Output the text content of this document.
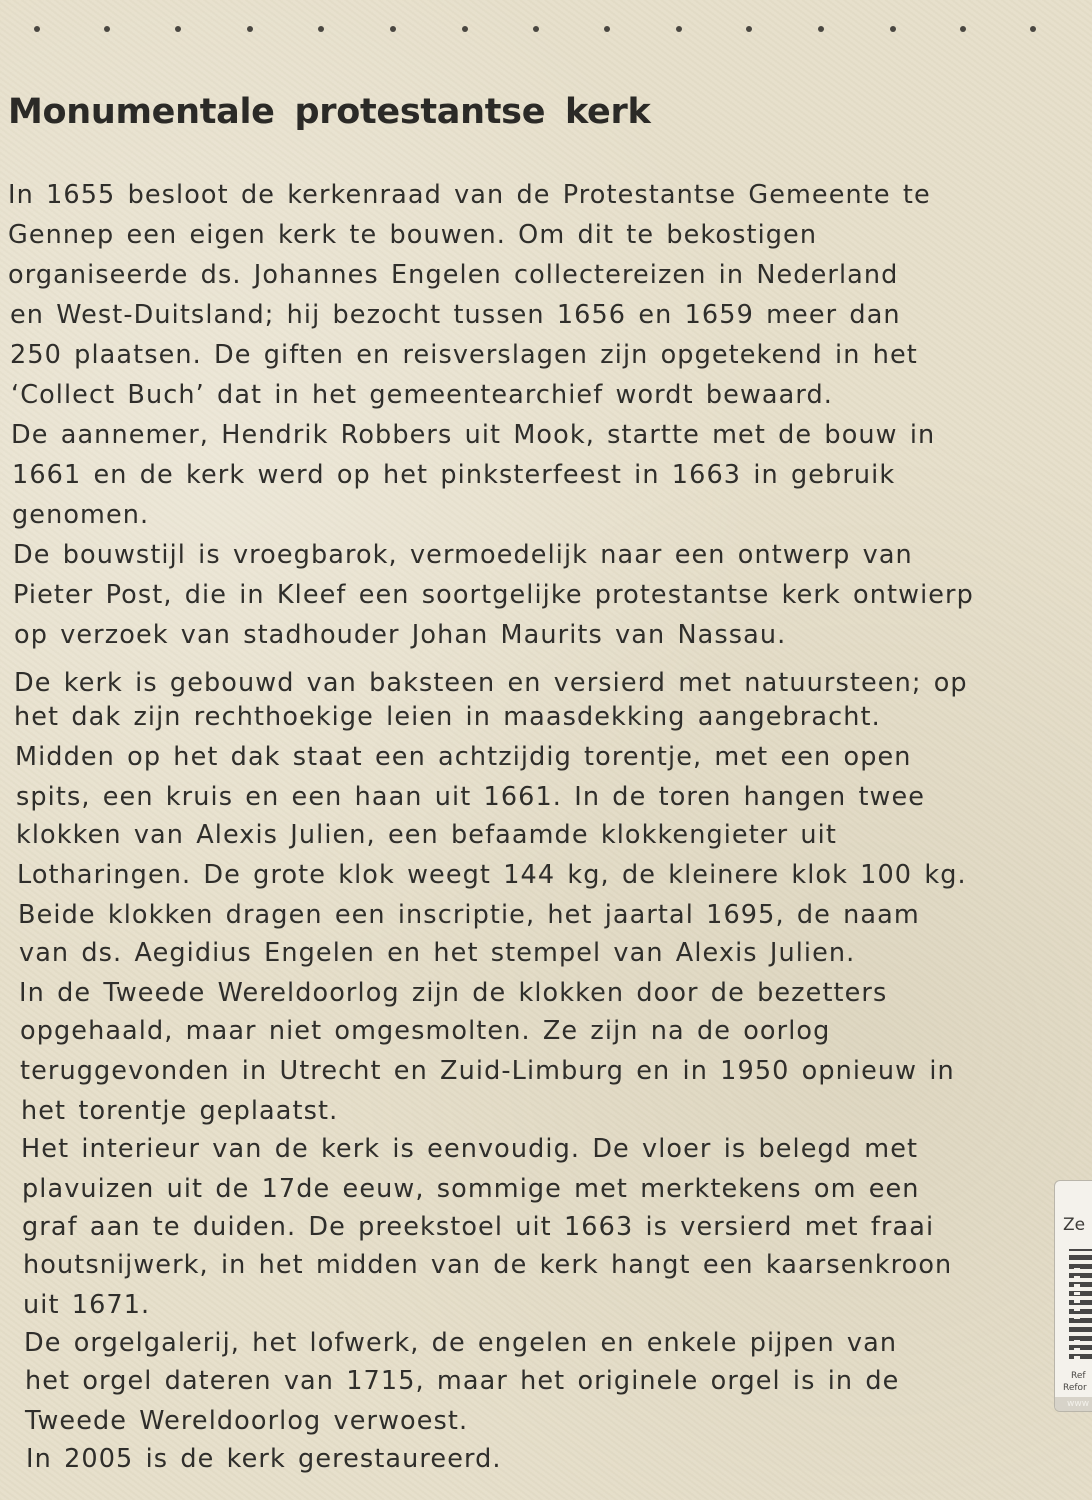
Monumentale protestantse kerk
In 1655 besloot de kerkenraad van de Protestantse Gemeente te
Gennep een eigen kerk te bouwen. Om dit te bekostigen
organiseerde ds. Johannes Engelen collectereizen in Nederland
en West-Duitsland; hij bezocht tussen 1656 en 1659 meer dan
250 plaatsen. De giften en reisverslagen zijn opgetekend in het
‘Collect Buch’ dat in het gemeentearchief wordt bewaard.
De aannemer, Hendrik Robbers uit Mook, startte met de bouw in
1661 en de kerk werd op het pinksterfeest in 1663 in gebruik
genomen.
De bouwstijl is vroegbarok, vermoedelijk naar een ontwerp van
Pieter Post, die in Kleef een soortgelijke protestantse kerk ontwierp
op verzoek van stadhouder Johan Maurits van Nassau.
De kerk is gebouwd van baksteen en versierd met natuursteen; op
het dak zijn rechthoekige leien in maasdekking aangebracht.
Midden op het dak staat een achtzijdig torentje, met een open
spits, een kruis en een haan uit 1661. In de toren hangen twee
klokken van Alexis Julien, een befaamde klokkengieter uit
Lotharingen. De grote klok weegt 144 kg, de kleinere klok 100 kg.
Beide klokken dragen een inscriptie, het jaartal 1695, de naam
van ds. Aegidius Engelen en het stempel van Alexis Julien.
In de Tweede Wereldoorlog zijn de klokken door de bezetters
opgehaald, maar niet omgesmolten. Ze zijn na de oorlog
teruggevonden in Utrecht en Zuid-Limburg en in 1950 opnieuw in
het torentje geplaatst.
Het interieur van de kerk is eenvoudig. De vloer is belegd met
plavuizen uit de 17de eeuw, sommige met merktekens om een
graf aan te duiden. De preekstoel uit 1663 is versierd met fraai
houtsnijwerk, in het midden van de kerk hangt een kaarsenkroon
uit 1671.
De orgelgalerij, het lofwerk, de engelen en enkele pijpen van
het orgel dateren van 1715, maar het originele orgel is in de
Tweede Wereldoorlog verwoest.
In 2005 is de kerk gerestaureerd.
Ze
Ref
Refor
www
